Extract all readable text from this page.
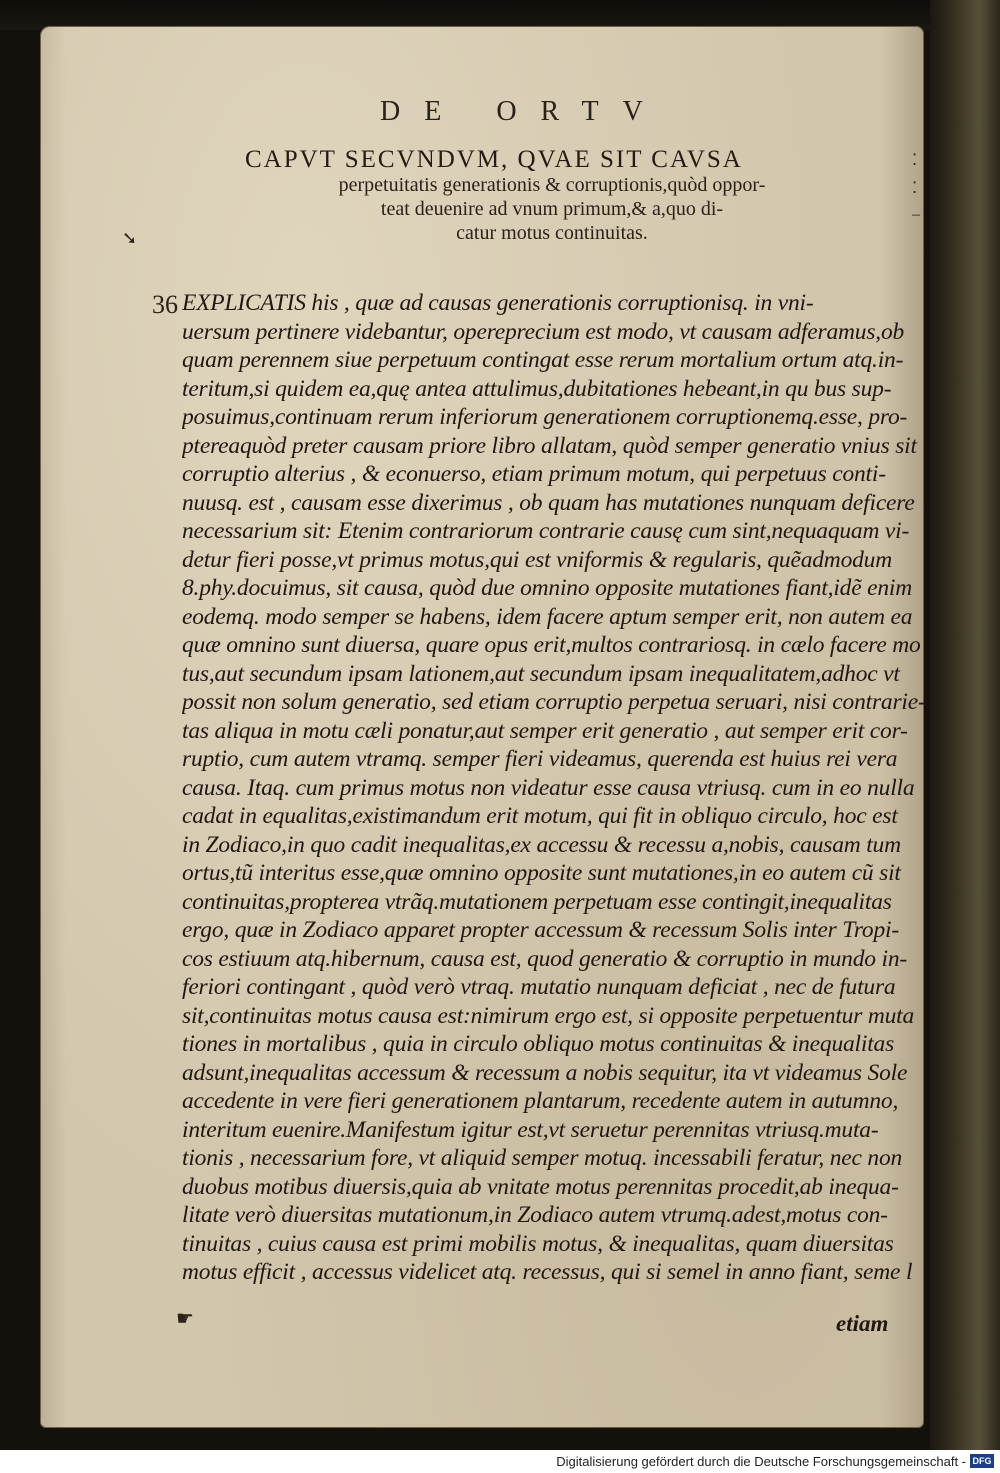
DE ORTV
CAPVT SECVNDVM, QVAE SIT CAVSA
perpetuitatis generationis & corruptionis,quòd oppor-
teat deuenire ad vnum primum,& a,quo di-
catur motus continuitas.
➘
⁚
⁚
–
36 EXPLICATIS his , quæ ad causas generationis corruptionisq. in vni-
uersum pertinere videbantur, opereprecium est modo, vt causam adferamus,ob
quam perennem siue perpetuum contingat esse rerum mortalium ortum atq.in-
teritum,si quidem ea,quę antea attulimus,dubitationes hebeant,in qu bus sup-
posuimus,continuam rerum inferiorum generationem corruptionemq.esse, pro-
ptereaquòd preter causam priore libro allatam, quòd semper generatio vnius sit
corruptio alterius , & econuerso, etiam primum motum, qui perpetuus conti-
nuusq. est , causam esse dixerimus , ob quam has mutationes nunquam deficere
necessarium sit: Etenim contrariorum contrarie causę cum sint,nequaquam vi-
detur fieri posse,vt primus motus,qui est vniformis & regularis, quẽadmodum
8.phy.docuimus, sit causa, quòd due omnino opposite mutationes fiant,idẽ enim
eodemq. modo semper se habens, idem facere aptum semper erit, non autem ea
quæ omnino sunt diuersa, quare opus erit,multos contrariosq. in cælo facere mo
tus,aut secundum ipsam lationem,aut secundum ipsam inequalitatem,adhoc vt
possit non solum generatio, sed etiam corruptio perpetua seruari, nisi contrarie-
tas aliqua in motu cæli ponatur,aut semper erit generatio , aut semper erit cor-
ruptio, cum autem vtramq. semper fieri videamus, querenda est huius rei vera
causa. Itaq. cum primus motus non videatur esse causa vtriusq. cum in eo nulla
cadat in equalitas,existimandum erit motum, qui fit in obliquo circulo, hoc est
in Zodiaco,in quo cadit inequalitas,ex accessu & recessu a,nobis, causam tum
ortus,tũ interitus esse,quæ omnino opposite sunt mutationes,in eo autem cũ sit
continuitas,propterea vtrãq.mutationem perpetuam esse contingit,inequalitas
ergo, quæ in Zodiaco apparet propter accessum & recessum Solis inter Tropi-
cos estiuum atq.hibernum, causa est, quod generatio & corruptio in mundo in-
feriori contingant , quòd verò vtraq. mutatio nunquam deficiat , nec de futura
sit,continuitas motus causa est:nimirum ergo est, si opposite perpetuentur muta
tiones in mortalibus , quia in circulo obliquo motus continuitas & inequalitas
adsunt,inequalitas accessum & recessum a nobis sequitur, ita vt videamus Sole
accedente in vere fieri generationem plantarum, recedente autem in autumno,
interitum euenire.Manifestum igitur est,vt seruetur perennitas vtriusq.muta-
tionis , necessarium fore, vt aliquid semper motuq. incessabili feratur, nec non
duobus motibus diuersis,quia ab vnitate motus perennitas procedit,ab inequa-
litate verò diuersitas mutationum,in Zodiaco autem vtrumq.adest,motus con-
tinuitas , cuius causa est primi mobilis motus, & inequalitas, quam diuersitas
motus efficit , accessus videlicet atq. recessus, qui si semel in anno fiant, seme l
☛	etiam
Digitalisierung gefördert durch die Deutsche Forschungsgemeinschaft - DFG
